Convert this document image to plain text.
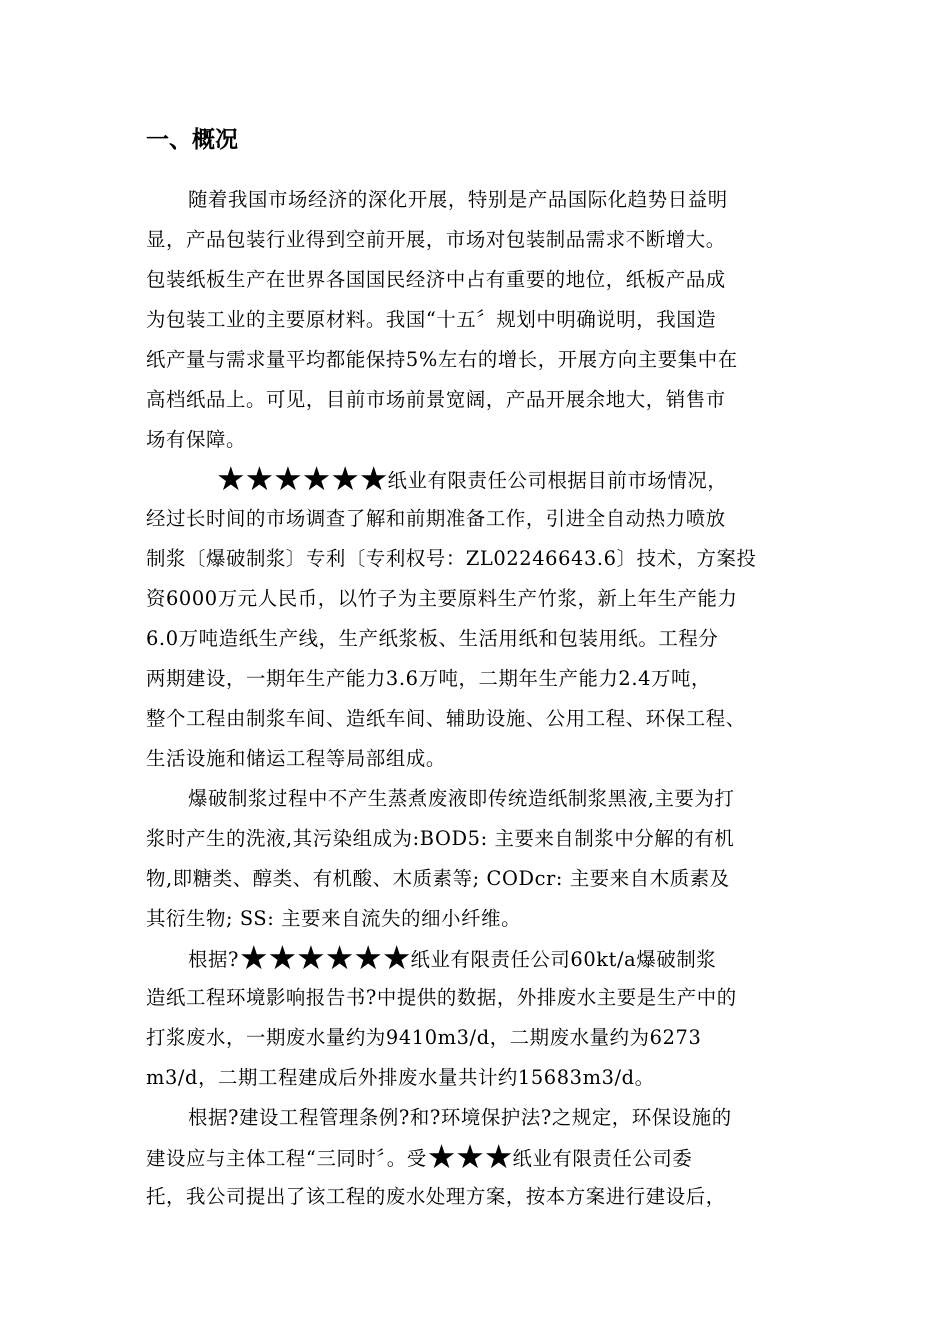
一、概况
随着我国市场经济的深化开展，特别是产品国际化趋势日益明
显，产品包装行业得到空前开展，市场对包装制品需求不断增大。
包装纸板生产在世界各国国民经济中占有重要的地位，纸板产品成
为包装工业的主要原材料。我国“十五〞规划中明确说明，我国造
纸产量与需求量平均都能保持5%左右的增长，开展方向主要集中在
高档纸品上。可见，目前市场前景宽阔，产品开展余地大，销售市
场有保障。
★★★★★★纸业有限责任公司根据目前市场情况，
经过长时间的市场调查了解和前期准备工作，引进全自动热力喷放
制浆〔爆破制浆〕专利〔专利权号：ZL02246643.6〕技术，方案投
资6000万元人民币，以竹子为主要原料生产竹浆，新上年生产能力
6.0万吨造纸生产线，生产纸浆板、生活用纸和包装用纸。工程分
两期建设，一期年生产能力3.6万吨，二期年生产能力2.4万吨，
整个工程由制浆车间、造纸车间、辅助设施、公用工程、环保工程、
生活设施和储运工程等局部组成。
爆破制浆过程中不产生蒸煮废液即传统造纸制浆黑液,主要为打
浆时产生的洗液,其污染组成为:BOD5: 主要来自制浆中分解的有机
物,即糖类、醇类、有机酸、木质素等; CODcr: 主要来自木质素及
其衍生物; SS: 主要来自流失的细小纤维。
根据?★★★★★★纸业有限责任公司60kt/a爆破制浆
造纸工程环境影响报告书?中提供的数据，外排废水主要是生产中的
打浆废水，一期废水量约为9410m3/d，二期废水量约为6273
m3/d，二期工程建成后外排废水量共计约15683m3/d。
根据?建设工程管理条例?和?环境保护法?之规定，环保设施的
建设应与主体工程“三同时〞。受★★★纸业有限责任公司委
托，我公司提出了该工程的废水处理方案，按本方案进行建设后，
